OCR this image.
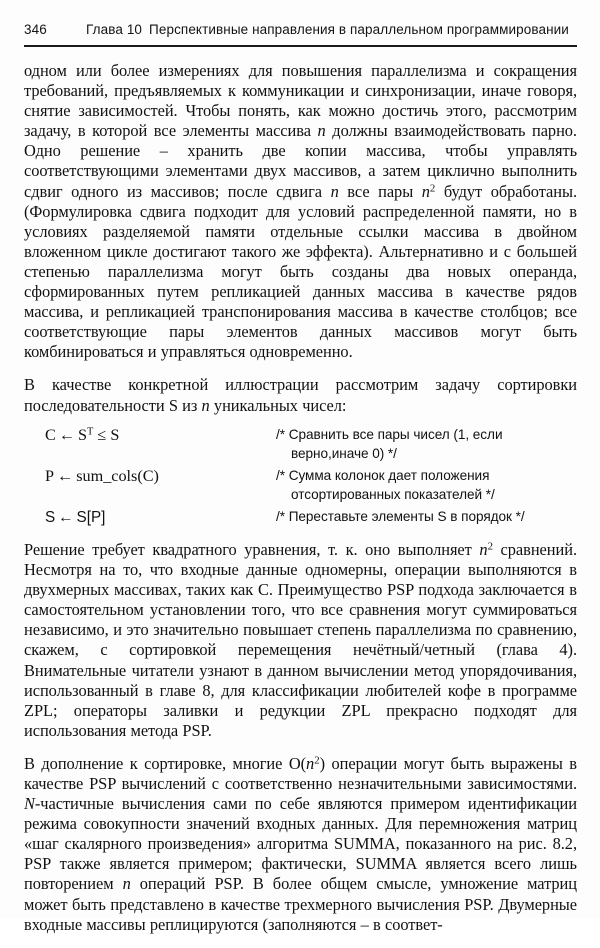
346	Глава 10 Перспективные направления в параллельном программировании

одном или более измерениях для повышения параллелизма и сокращения требований, предъявляемых к коммуникации и синхронизации, иначе говоря, снятие зависимостей. Чтобы понять, как можно достичь этого, рассмотрим задачу, в которой все элементы массива n должны взаимодействовать парно. Одно решение – хранить две копии массива, чтобы управлять соответствующими элементами двух массивов, а затем циклично выполнить сдвиг одного из массивов; после сдвига n все пары $n^2$ будут обработаны. (Формулировка сдвига подходит для условий распределенной памяти, но в условиях разделяемой памяти отдельные ссылки массива в двойном вложенном цикле достигают такого же эффекта). Альтернативно и с большей степенью параллелизма могут быть созданы два новых операнда, сформированных путем репликацией данных массива в качестве рядов массива, и репликацией транспонирования массива в качестве столбцов; все соответствующие пары элементов данных массивов могут быть комбинироваться и управляться одновременно.

В качестве конкретной иллюстрации рассмотрим задачу сортировки последовательности S из n уникальных чисел:

C ← $S^T \le S$	/* Сравнить все пары чисел (1, если
верно,иначе 0) */
P ← sum_cols(C)	/* Сумма колонок дает положения
отсортированных показателей */
S ← S[P]	/* Переставьте элементы S в порядок */

Решение требует квадратного уравнения, т. к. оно выполняет $n^2$ сравнений. Несмотря на то, что входные данные одномерны, операции выполняются в двухмерных массивах, таких как C. Преимущество PSP подхода заключается в самостоятельном установлении того, что все сравнения могут суммироваться независимо, и это значительно повышает степень параллелизма по сравнению, скажем, с сортировкой перемещения нечётный/четный (глава 4). Внимательные читатели узнают в данном вычислении метод упорядочивания, использованный в главе 8, для классификации любителей кофе в программе ZPL; операторы заливки и редукции ZPL прекрасно подходят для использования метода PSP.

В дополнение к сортировке, многие $O(n^2)$ операции могут быть выражены в качестве PSP вычислений с соответственно незначительными зависимостями. N-частичные вычисления сами по себе являются примером идентификации режима совокупности значений входных данных. Для перемножения матриц «шаг скалярного произведения» алгоритма SUMMA, показанного на рис. 8.2, PSP также является примером; фактически, SUMMA является всего лишь повторением n операций PSP. В более общем смысле, умножение матриц может быть представлено в качестве трехмерного вычисления PSP. Двумерные входные массивы реплицируются (заполняются – в соответ-
